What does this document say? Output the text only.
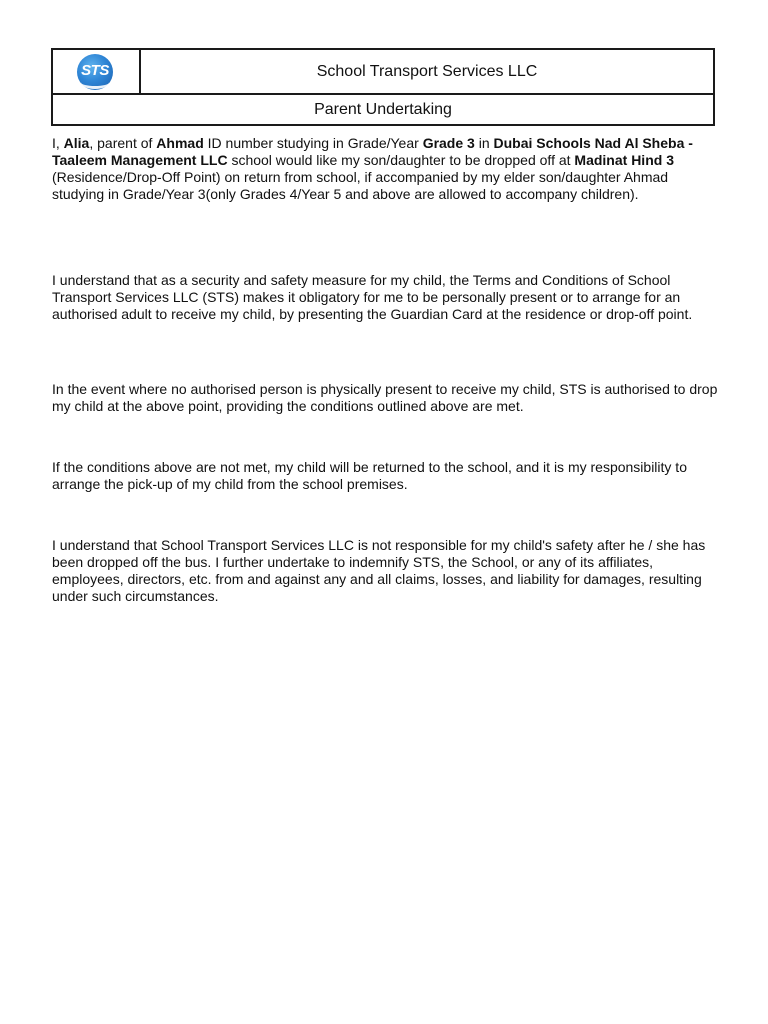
STS	School Transport Services LLC
Parent Undertaking
I, Alia, parent of Ahmad ID number studying in Grade/Year Grade 3 in Dubai Schools Nad Al Sheba - Taaleem Management LLC school would like my son/daughter to be dropped off at Madinat Hind 3 (Residence/Drop-Off Point) on return from school, if accompanied by my elder son/daughter Ahmad studying in Grade/Year 3(only Grades 4/Year 5 and above are allowed to accompany children).
I understand that as a security and safety measure for my child, the Terms and Conditions of School Transport Services LLC (STS) makes it obligatory for me to be personally present or to arrange for an authorised adult to receive my child, by presenting the Guardian Card at the residence or drop-off point.
In the event where no authorised person is physically present to receive my child, STS is authorised to drop my child at the above point, providing the conditions outlined above are met.
If the conditions above are not met, my child will be returned to the school, and it is my responsibility to arrange the pick-up of my child from the school premises.
I understand that School Transport Services LLC is not responsible for my child's safety after he / she has been dropped off the bus. I further undertake to indemnify STS, the School, or any of its affiliates, employees, directors, etc. from and against any and all claims, losses, and liability for damages, resulting under such circumstances.
